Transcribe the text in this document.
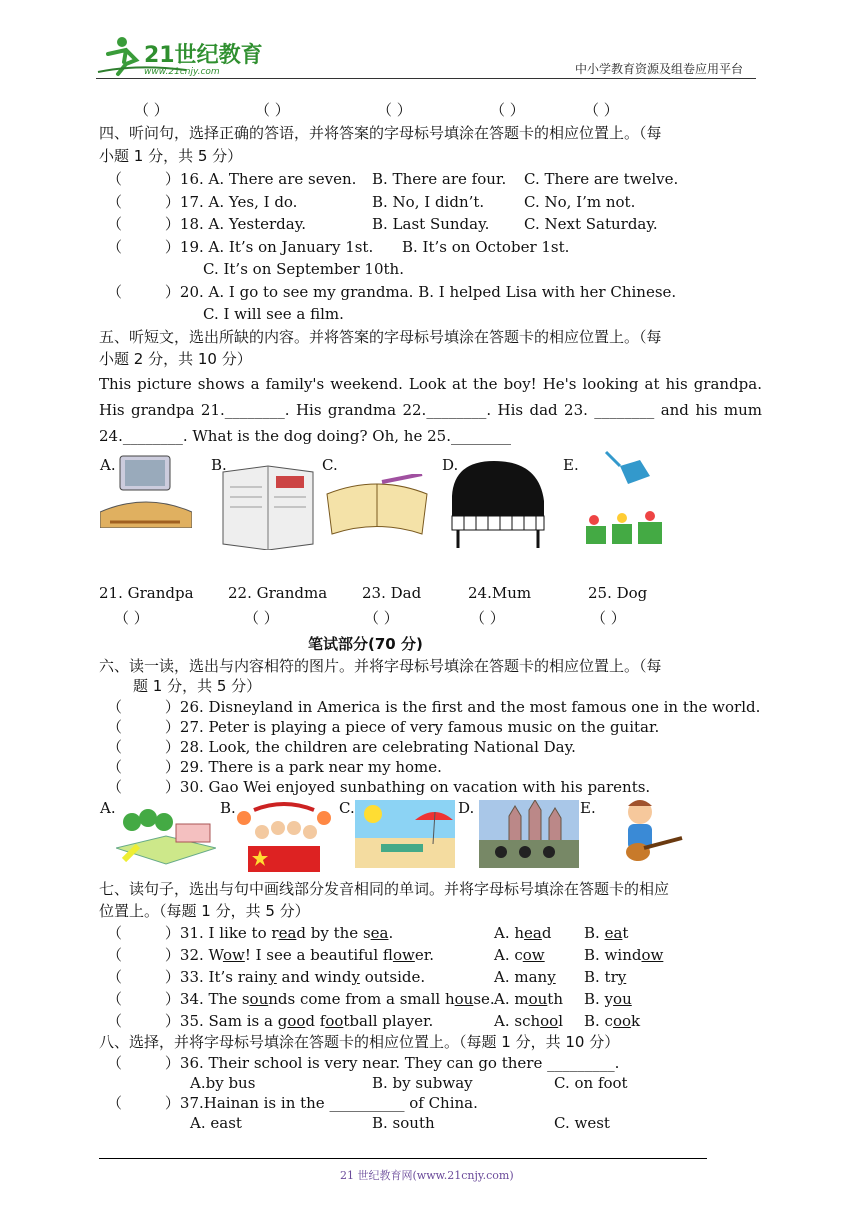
21世纪教育
www.21cnjy.com	中小学教育资源及组卷应用平台
（ ）	（ ）	（ ）	（ ）	（ ）
四、听问句，选择正确的答语，并将答案的字母标号填涂在答题卡的相应位置上。（每
小题 1 分，共 5 分）
（         ）16. A. There are seven. B. There are four. C. There are twelve.
（         ）17. A. Yes, I do.	B. No, I didn’t.	C. No, I’m not.
（         ）18. A. Yesterday.	B. Last Sunday. C. Next Saturday.
（         ）19. A. It’s on January 1st. B. It’s on October 1st.
C. It’s on September 10th.
（         ）20. A. I go to see my grandma. B. I helped Lisa with her Chinese.
C. I will see a film.
五、听短文，选出所缺的内容。并将答案的字母标号填涂在答题卡的相应位置上。（每
小题 2 分，共 10 分）
This picture shows a family's weekend. Look at the boy! He's looking at his grandpa. His grandpa 21.________. His grandma 22.________. His dad 23. ________ and his mum 24.________. What is the dog doing? Oh, he 25.________
A.	B.	C.	D.	E.
21. Grandpa 22. Grandma 23. Dad	24.Mum	25. Dog
（ ）	（ ）	（ ）	（ ）	（ ）
笔试部分(70 分)
六、读一读，选出与内容相符的图片。并将字母标号填涂在答题卡的相应位置上。（每
题 1 分，共 5 分）
（         ）26. Disneyland in America is the first and the most famous one in the world.
（         ）27. Peter is playing a piece of very famous music on the guitar.
（         ）28. Look, the children are celebrating National Day.
（         ）29. There is a park near my home.
（         ）30. Gao Wei enjoyed sunbathing on vacation with his parents.
A.	B.	C.	D.	E.
七、读句子，选出与句中画线部分发音相同的单词。并将字母标号填涂在答题卡的相应
位置上。（每题 1 分，共 5 分）
（         ）31. I like to read by the sea.	A. head B. eat
（         ）32. Wow! I see a beautiful flower.	A. cow	B. window
（         ）33. It’s rainy and windy outside.	A. many B. try
（         ）34. The sounds come from a small house. A. mouth B. you
（         ）35. Sam is a good football player.	A. school B. cook
八、选择，并将字母标号填涂在答题卡的相应位置上。（每题 1 分，共 10 分）
（         ）36. Their school is very near. They can go there _________.
A.by bus	B. by subway	C. on foot
（         ）37.Hainan is in the __________ of China.
A. east	B. south	C. west
21 世纪教育网(www.21cnjy.com)
